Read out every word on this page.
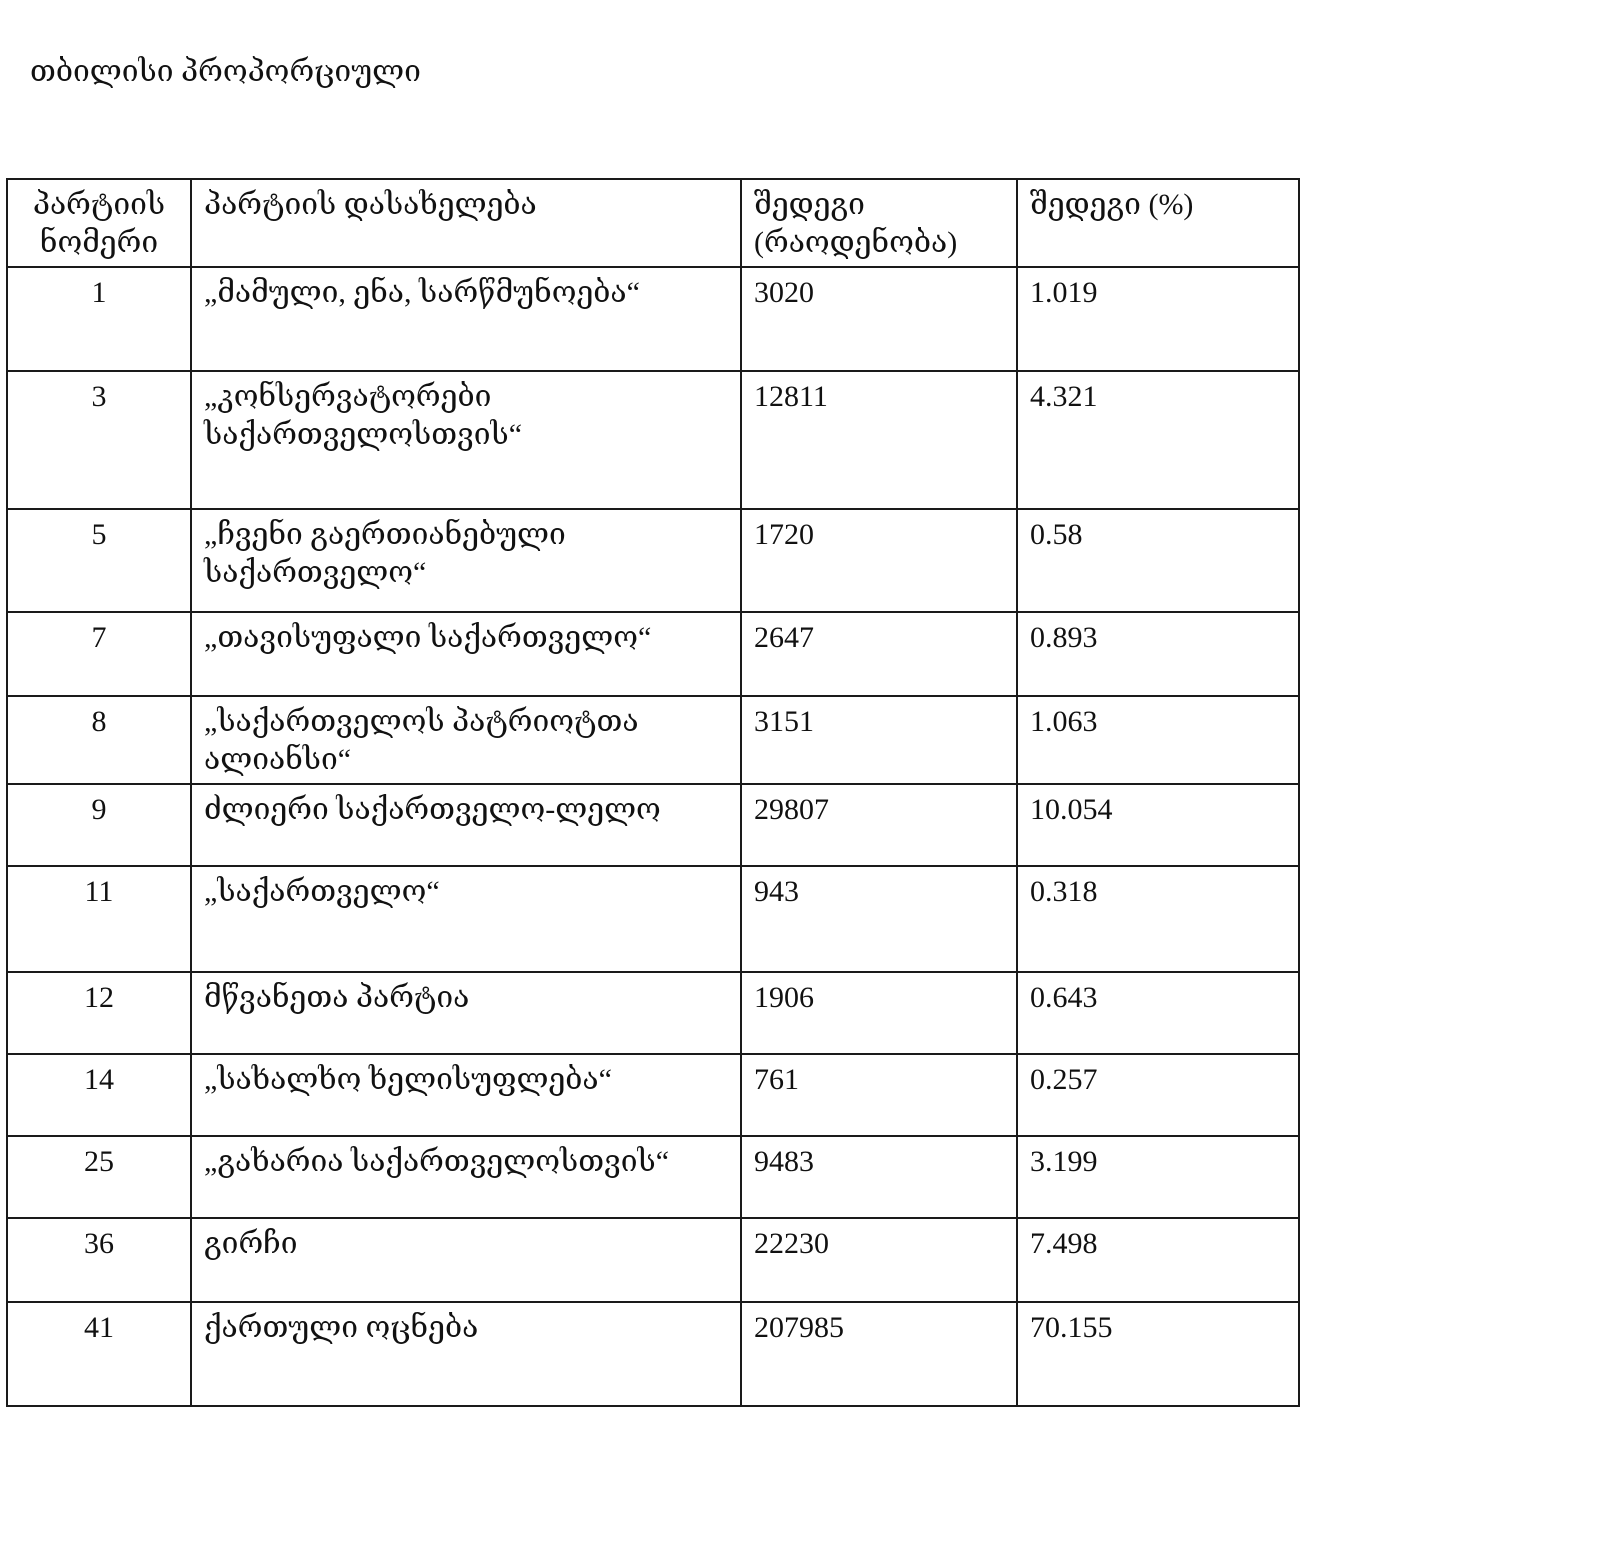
თბილისი პროპორციული
პარტიის ნომერი	პარტიის დასახელება	შედეგი (რაოდენობა)	შედეგი (%)
1	„მამული, ენა, სარწმუნოება“	3020	1.019
3	„კონსერვატორები საქართველოსთვის“	12811	4.321
5	„ჩვენი გაერთიანებული საქართველო“	1720	0.58
7	„თავისუფალი საქართველო“	2647	0.893
8	„საქართველოს პატრიოტთა ალიანსი“	3151	1.063
9	ძლიერი საქართველო-ლელო	29807	10.054
11	„საქართველო“	943	0.318
12	მწვანეთა პარტია	1906	0.643
14	„სახალხო ხელისუფლება“	761	0.257
25	„გახარია საქართველოსთვის“	9483	3.199
36	გირჩი	22230	7.498
41	ქართული ოცნება	207985	70.155
